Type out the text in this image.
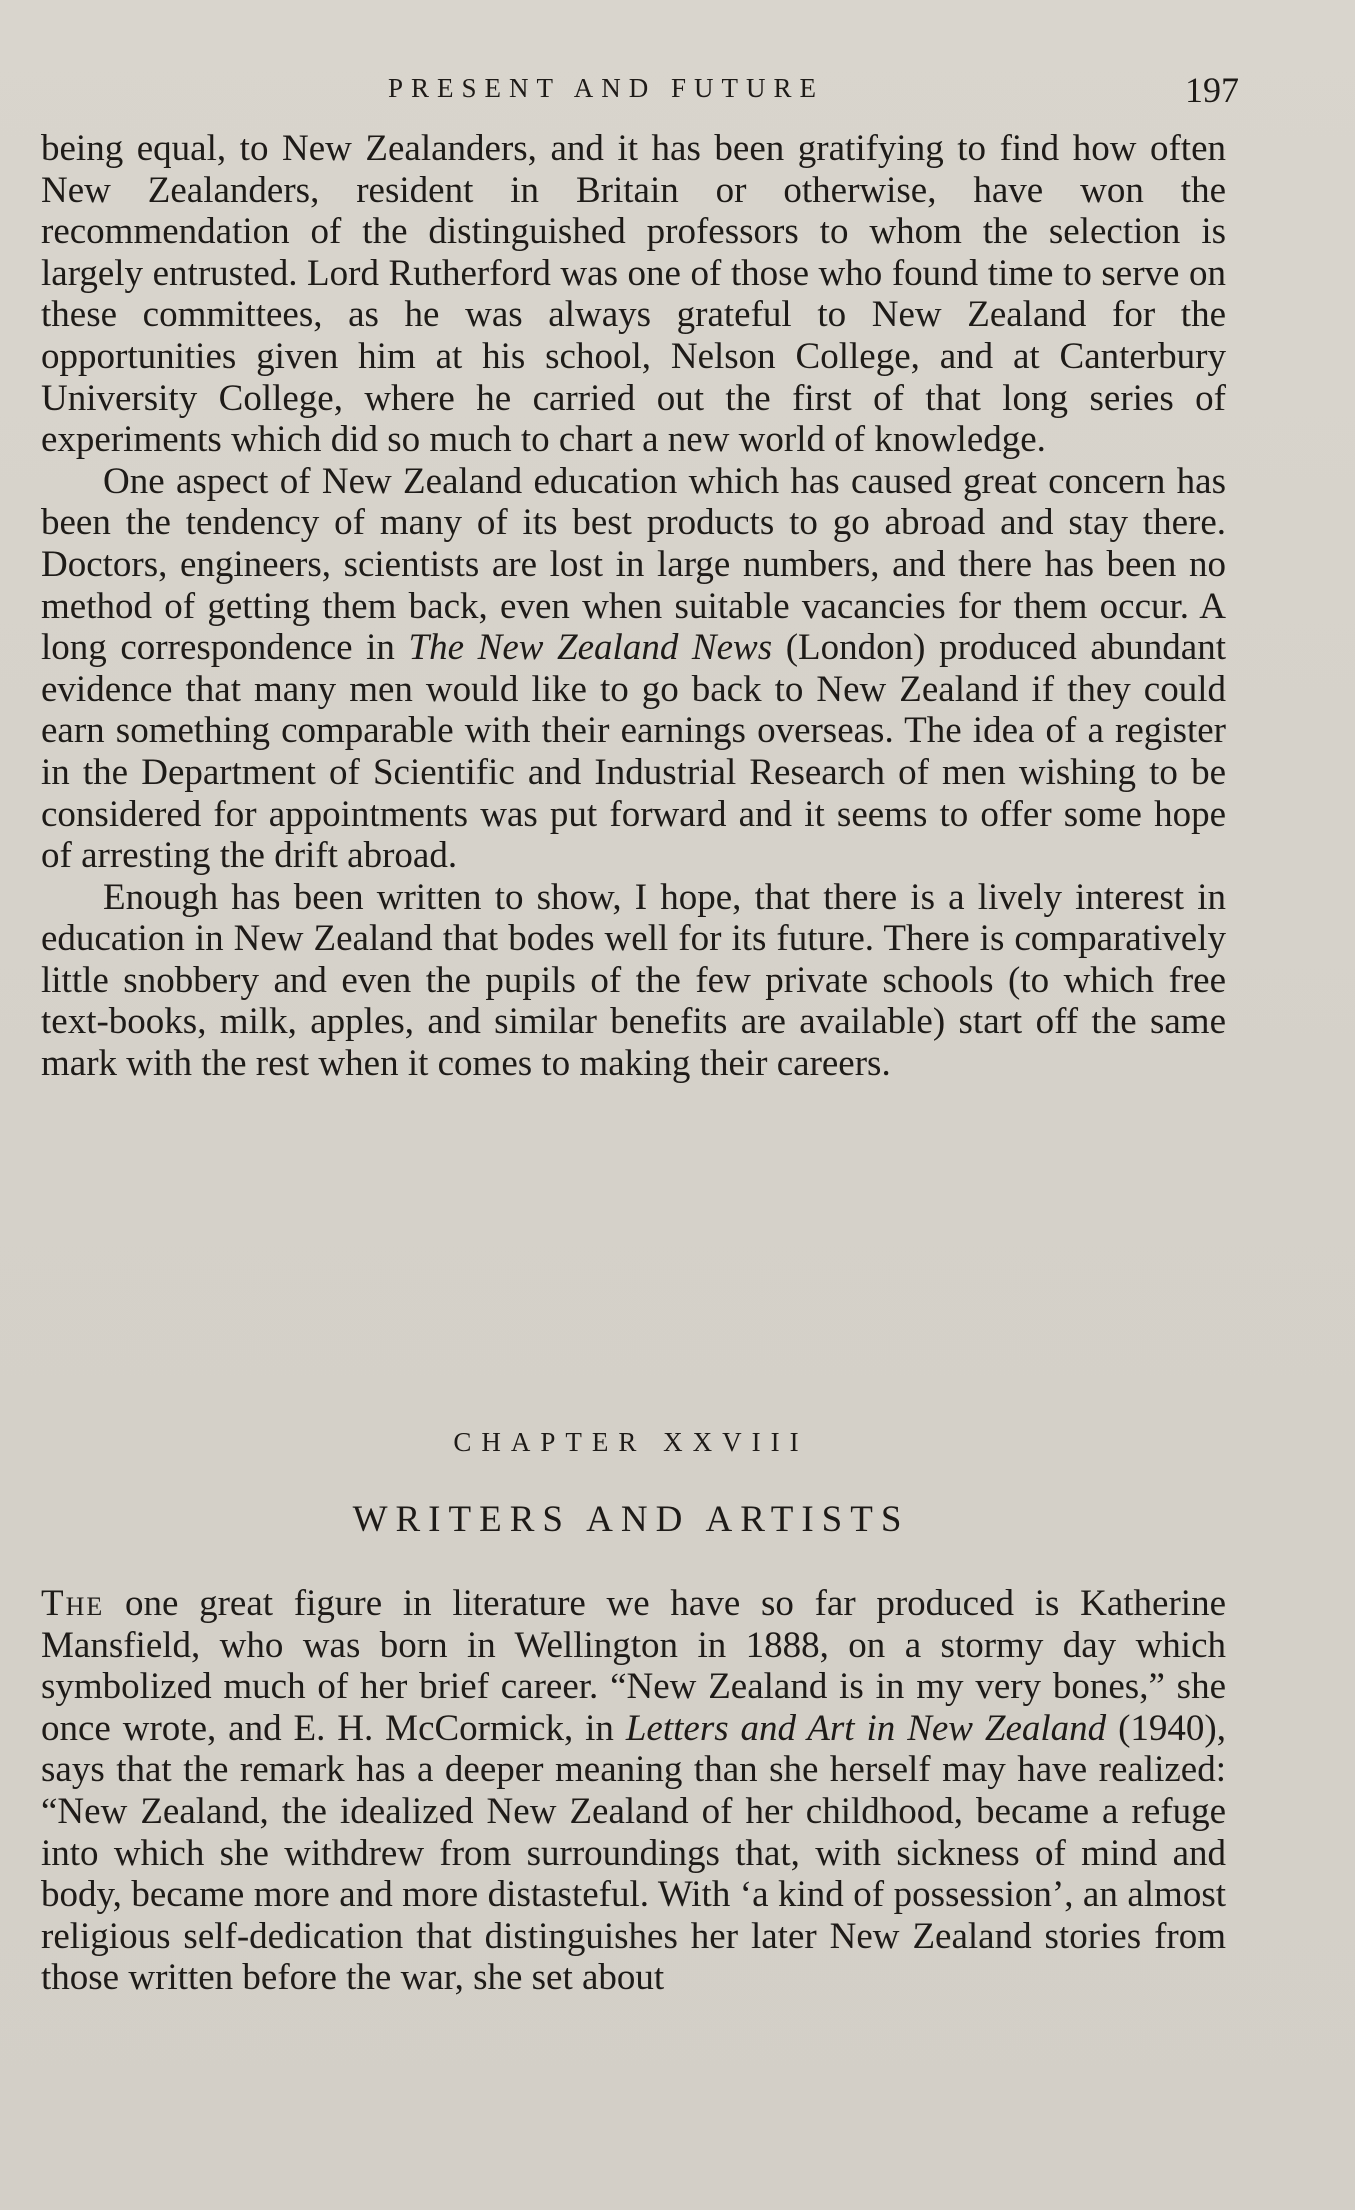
PRESENT AND FUTURE	197

being equal, to New Zealanders, and it has been gratifying to find how often New Zealanders, resident in Britain or otherwise, have won the recommendation of the distinguished professors to whom the selection is largely entrusted. Lord Rutherford was one of those who found time to serve on these committees, as he was always grateful to New Zealand for the opportunities given him at his school, Nelson College, and at Canterbury University College, where he carried out the first of that long series of experiments which did so much to chart a new world of knowledge.

One aspect of New Zealand education which has caused great concern has been the tendency of many of its best products to go abroad and stay there. Doctors, engineers, scientists are lost in large numbers, and there has been no method of getting them back, even when suitable vacancies for them occur. A long correspondence in The New Zealand News (London) produced abundant evidence that many men would like to go back to New Zealand if they could earn something comparable with their earnings overseas. The idea of a register in the Department of Scientific and Industrial Research of men wishing to be considered for appointments was put forward and it seems to offer some hope of arresting the drift abroad.

Enough has been written to show, I hope, that there is a lively interest in education in New Zealand that bodes well for its future. There is comparatively little snobbery and even the pupils of the few private schools (to which free text-books, milk, apples, and similar benefits are available) start off the same mark with the rest when it comes to making their careers.

CHAPTER XXVIII
WRITERS AND ARTISTS

The one great figure in literature we have so far produced is Katherine Mansfield, who was born in Wellington in 1888, on a stormy day which symbolized much of her brief career. “New Zealand is in my very bones,” she once wrote, and E. H. McCormick, in Letters and Art in New Zealand (1940), says that the remark has a deeper meaning than she herself may have realized: “New Zealand, the idealized New Zealand of her childhood, became a refuge into which she withdrew from surroundings that, with sickness of mind and body, became more and more distasteful. With ‘a kind of possession’, an almost religious self-dedication that distinguishes her later New Zealand stories from those written before the war, she set about
